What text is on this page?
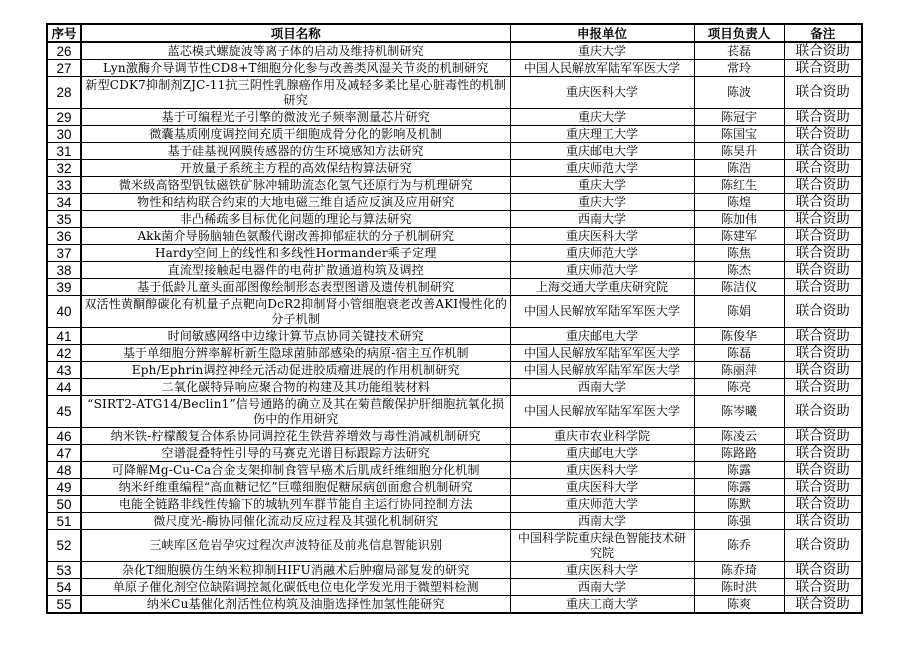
序号	项目名称	申报单位	项目负责人	备注
26	蓝芯模式螺旋波等离子体的启动及维持机制研究	重庆大学	苌磊	联合资助
27	Lyn激酶介导调节性CD8+T细胞分化参与改善类风湿关节炎的机制研究	中国人民解放军陆军军医大学	常玲	联合资助
28	新型CDK7抑制剂ZJC-11抗三阴性乳腺癌作用及减轻多柔比星心脏毒性的机制研究	重庆医科大学	陈波	联合资助
29	基于可编程光子引擎的微波光子频率测量芯片研究	重庆大学	陈冠宇	联合资助
30	微囊基质刚度调控间充质干细胞成骨分化的影响及机制	重庆理工大学	陈国宝	联合资助
31	基于硅基视网膜传感器的仿生环境感知方法研究	重庆邮电大学	陈昊升	联合资助
32	开放量子系统主方程的高效保结构算法研究	重庆师范大学	陈浩	联合资助
33	微米级高铬型钒钛磁铁矿脉冲辅助流态化氢气还原行为与机理研究	重庆大学	陈红生	联合资助
34	物性和结构联合约束的大地电磁三维自适应反演及应用研究	重庆大学	陈煌	联合资助
35	非凸稀疏多目标优化问题的理论与算法研究	西南大学	陈加伟	联合资助
36	Akk菌介导肠脑轴色氨酸代谢改善抑郁症状的分子机制研究	重庆医科大学	陈建军	联合资助
37	Hardy空间上的线性和多线性Hormander乘子定理	重庆师范大学	陈焦	联合资助
38	直流型接触起电器件的电荷扩散通道构筑及调控	重庆师范大学	陈杰	联合资助
39	基于低龄儿童头面部图像绘制形态表型图谱及遗传机制研究	上海交通大学重庆研究院	陈洁仪	联合资助
40	双活性黄酮醇碳化有机量子点靶向DcR2抑制肾小管细胞衰老改善AKI慢性化的分子机制	中国人民解放军陆军军医大学	陈娟	联合资助
41	时间敏感网络中边缘计算节点协同关键技术研究	重庆邮电大学	陈俊华	联合资助
42	基于单细胞分辨率解析新生隐球菌肺部感染的病原-宿主互作机制	中国人民解放军陆军军医大学	陈磊	联合资助
43	Eph/Ephrin调控神经元活动促进胶质瘤进展的作用机制研究	中国人民解放军陆军军医大学	陈丽萍	联合资助
44	二氧化碳特异响应聚合物的构建及其功能组装材料	西南大学	陈亮	联合资助
45	“SIRT2-ATG14/Beclin1”信号通路的确立及其在菊苣酸保护肝细胞抗氧化损伤中的作用研究	中国人民解放军陆军军医大学	陈岑曦	联合资助
46	纳米铁-柠檬酸复合体系协同调控花生铁营养增效与毒性消减机制研究	重庆市农业科学院	陈凌云	联合资助
47	空谱混叠特性引导的马赛克光谱目标跟踪方法研究	重庆邮电大学	陈路路	联合资助
48	可降解Mg-Cu-Ca合金支架抑制食管早癌术后肌成纤维细胞分化机制	重庆医科大学	陈露	联合资助
49	纳米纤维重编程“高血糖记忆”巨噬细胞促糖尿病创面愈合机制研究	重庆医科大学	陈露	联合资助
50	电能全链路非线性传输下的城轨列车群节能自主运行协同控制方法	重庆师范大学	陈默	联合资助
51	微尺度光-酶协同催化流动反应过程及其强化机制研究	西南大学	陈强	联合资助
52	三峡库区危岩孕灾过程次声波特征及前兆信息智能识别	中国科学院重庆绿色智能技术研究院	陈乔	联合资助
53	杂化T细胞膜仿生纳米粒抑制HIFU消融术后肿瘤局部复发的研究	重庆医科大学	陈乔琦	联合资助
54	单原子催化剂空位缺陷调控氮化碳低电位电化学发光用于微塑料检测	西南大学	陈时洪	联合资助
55	纳米Cu基催化剂活性位构筑及油脂选择性加氢性能研究	重庆工商大学	陈爽	联合资助
